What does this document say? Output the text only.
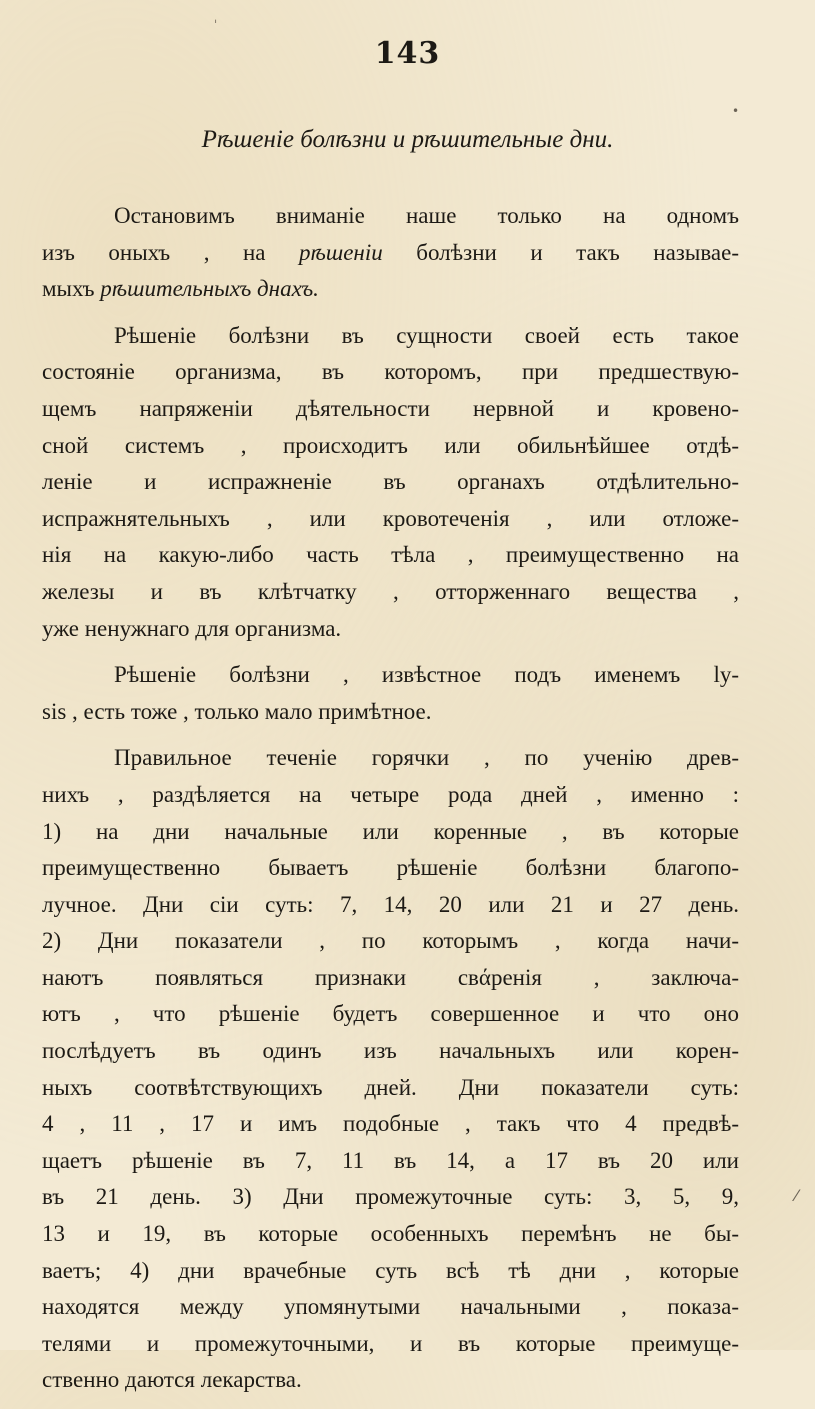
143
Рѣшеніе болѣзни и рѣшительные дни.

Остановимъ вниманіе наше только на одномъ
изъ оныхъ , на рѣшеніи болѣзни и такъ называе-
мыхъ рѣшительныхъ днахъ.

Рѣшеніе болѣзни въ сущности своей есть такое
состояніе организма, въ которомъ, при предшествую-
щемъ напряженіи дѣятельности нервной и кровено-
сной системъ , происходитъ или обильнѣйшее отдѣ-
леніе и испражненіе въ органахъ отдѣлительно-
испражнятельныхъ , или кровотеченія , или отложе-
нія на какую-либо часть тѣла , преимущественно на
железы и въ клѣтчатку , отторженнаго вещества ,
уже ненужнаго для организма.

Рѣшеніе болѣзни , извѣстное подъ именемъ ly-
sis , есть тоже , только мало примѣтное.

Правильное теченіе горячки , по ученію древ-
нихъ , раздѣляется на четыре рода дней , именно :
1) на дни начальные или коренные , въ которые
преимущественно бываетъ рѣшеніе болѣзни благопо-
лучное. Дни сіи суть: 7, 14, 20 или 21 и 27 день.
2) Дни показатели , по которымъ , когда начи-
наютъ появляться признаки свάренія , заключа-
ютъ , что рѣшеніе будетъ совершенное и что оно
послѣдуетъ въ одинъ изъ начальныхъ или корен-
ныхъ соотвѣтствующихъ дней. Дни показатели суть:
4 , 11 , 17 и имъ подобные , такъ что 4 предвѣ-
щаетъ рѣшеніе въ 7, 11 въ 14, а 17 въ 20 или
въ 21 день. 3) Дни промежуточные суть: 3, 5, 9,
13 и 19, въ которые особенныхъ перемѣнъ не бы-
ваетъ; 4) дни врачебные суть всѣ тѣ дни , которые
находятся между упомянутыми начальными , показа-
телями и промежуточными, и въ которые преимуще-
ственно даются лекарства.

ˈ
•
⁄
